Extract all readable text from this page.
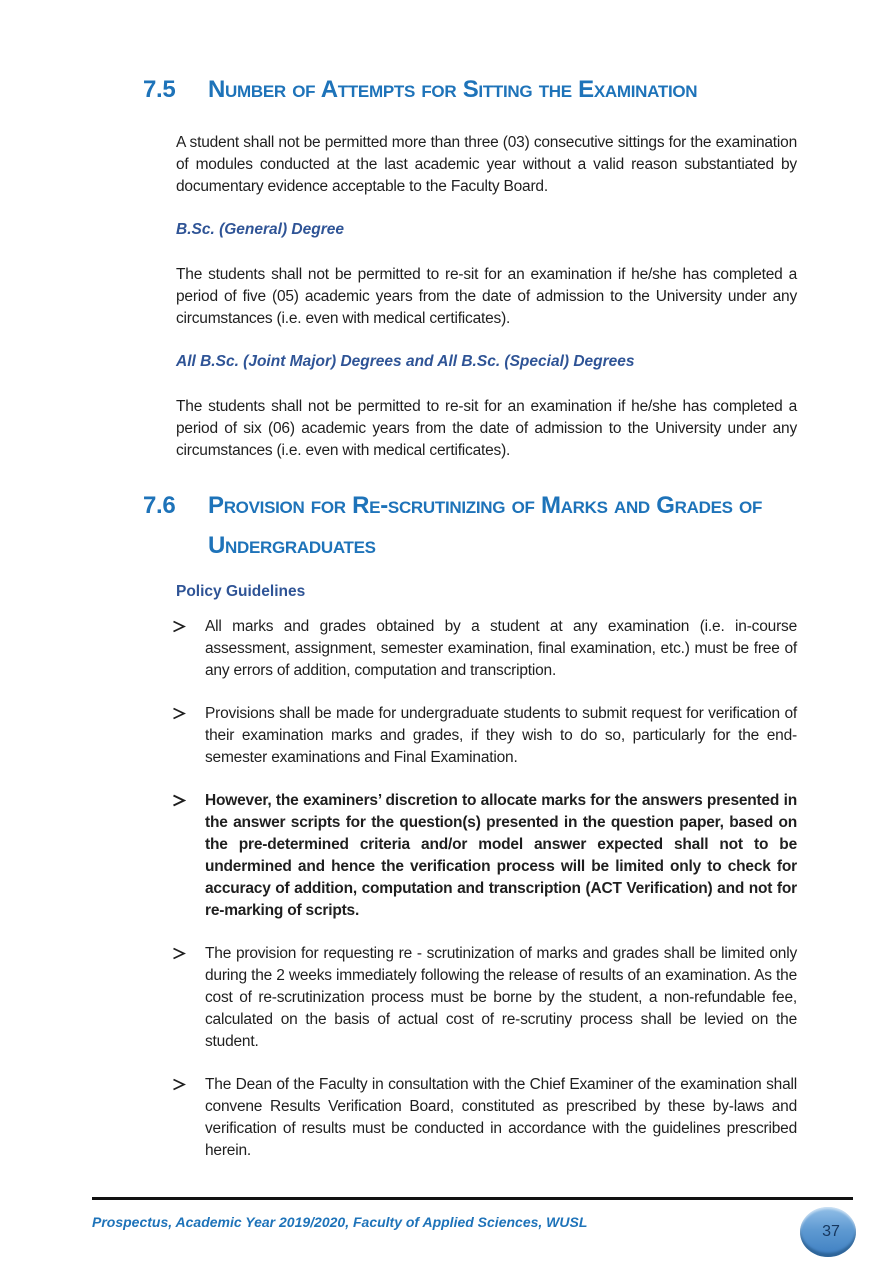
7.5	Number of Attempts for Sitting the Examination

A student shall not be permitted more than three (03) consecutive sittings for the examination of modules conducted at the last academic year without a valid reason substantiated by documentary evidence acceptable to the Faculty Board.

B.Sc. (General) Degree

The students shall not be permitted to re-sit for an examination if he/she has completed a period of five (05) academic years from the date of admission to the University under any circumstances (i.e. even with medical certificates).

All B.Sc. (Joint Major) Degrees and All B.Sc. (Special) Degrees

The students shall not be permitted to re-sit for an examination if he/she has completed a period of six (06) academic years from the date of admission to the University under any circumstances (i.e. even with medical certificates).

7.6	Provision for Re-scrutinizing of Marks and Grades of Undergraduates
Policy Guidelines
All marks and grades obtained by a student at any examination (i.e. in-course assessment, assignment, semester examination, final examination, etc.) must be free of any errors of addition, computation and transcription.
Provisions shall be made for undergraduate students to submit request for verification of their examination marks and grades, if they wish to do so, particularly for the end-semester examinations and Final Examination.
However, the examiners’ discretion to allocate marks for the answers presented in the answer scripts for the question(s) presented in the question paper, based on the pre-determined criteria and/or model answer expected shall not to be undermined and hence the verification process will be limited only to check for accuracy of addition, computation and transcription (ACT Verification) and not for re-marking of scripts.
The provision for requesting re - scrutinization of marks and grades shall be limited only during the 2 weeks immediately following the release of results of an examination. As the cost of re-scrutinization process must be borne by the student, a non-refundable fee, calculated on the basis of actual cost of re-scrutiny process shall be levied on the student.
The Dean of the Faculty in consultation with the Chief Examiner of the examination shall convene Results Verification Board, constituted as prescribed by these by-laws and verification of results must be conducted in accordance with the guidelines prescribed herein.
Prospectus, Academic Year 2019/2020, Faculty of Applied Sciences, WUSL
37
